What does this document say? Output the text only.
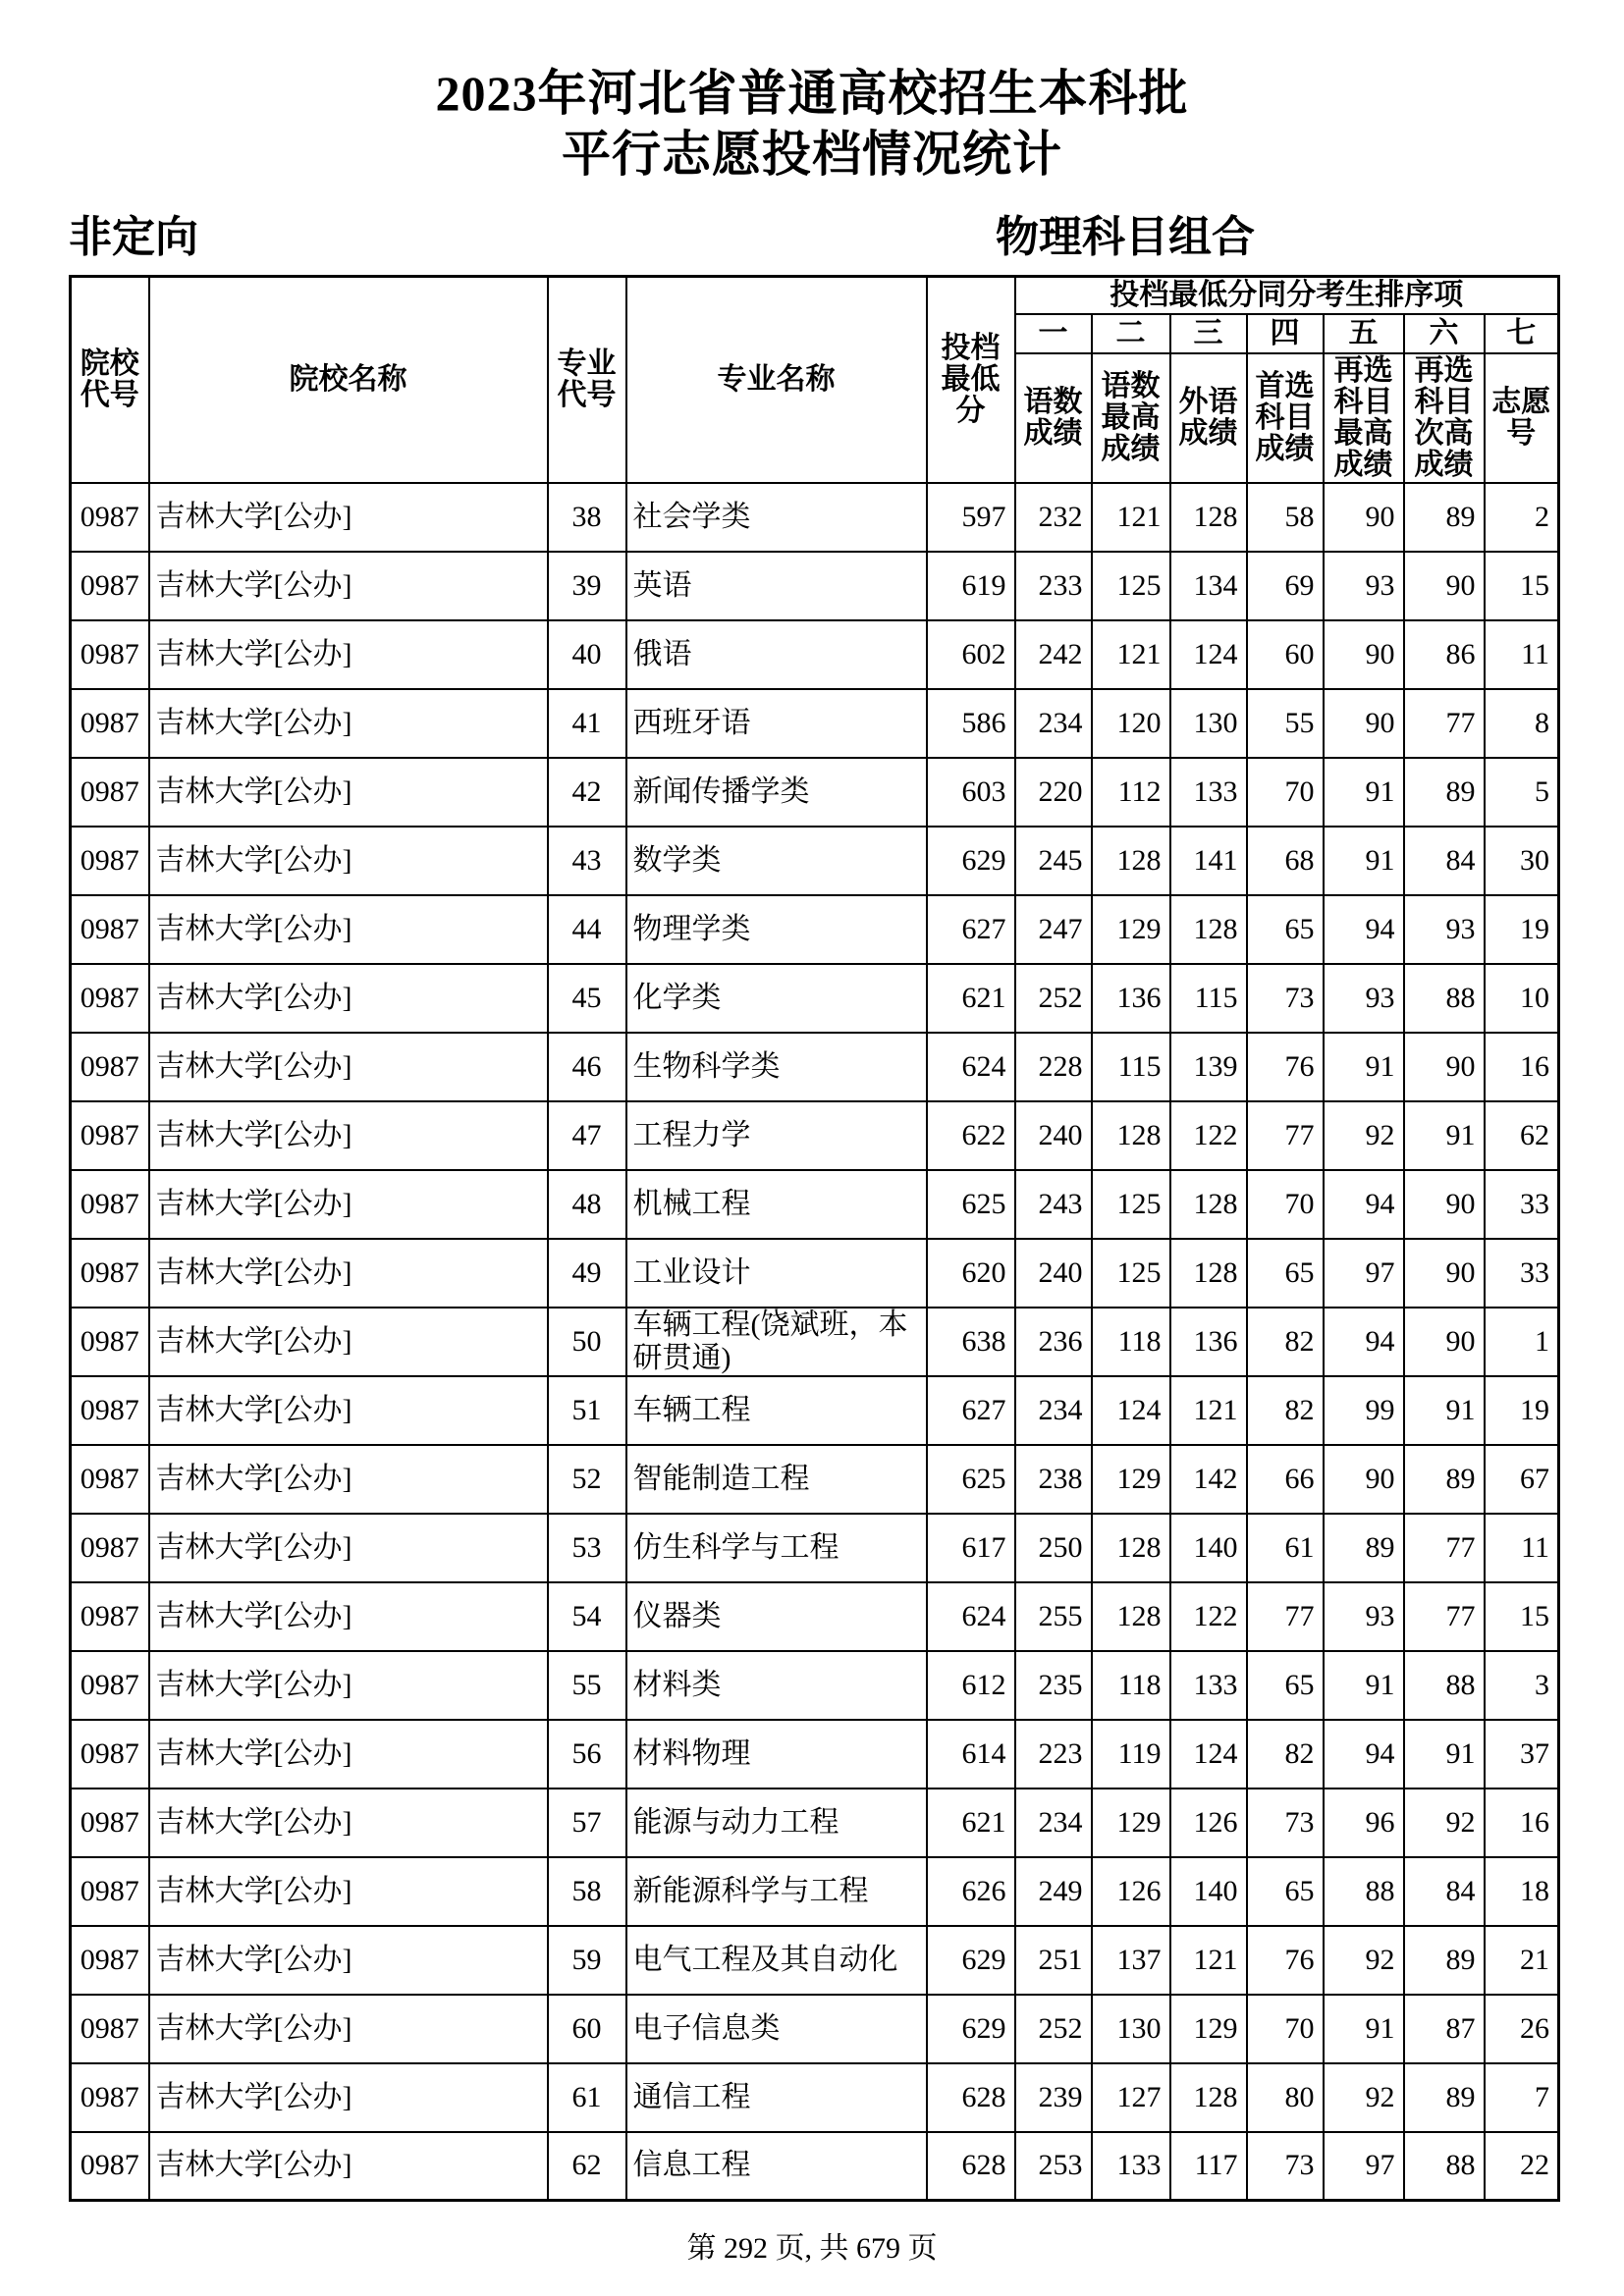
2023年河北省普通高校招生本科批
平行志愿投档情况统计
非定向	物理科目组合
院校代号	院校名称	专业代号	专业名称	投档最低分	投档最低分同分考生排序项						
					一	二	三	四	五	六	七
					语数成绩	语数最高成绩	外语成绩	首选科目成绩	再选科目最高成绩	再选科目次高成绩	志愿号
0987	吉林大学[公办]	38	社会学类	597	232	121	128	58	90	89	2
0987	吉林大学[公办]	39	英语	619	233	125	134	69	93	90	15
0987	吉林大学[公办]	40	俄语	602	242	121	124	60	90	86	11
0987	吉林大学[公办]	41	西班牙语	586	234	120	130	55	90	77	8
0987	吉林大学[公办]	42	新闻传播学类	603	220	112	133	70	91	89	5
0987	吉林大学[公办]	43	数学类	629	245	128	141	68	91	84	30
0987	吉林大学[公办]	44	物理学类	627	247	129	128	65	94	93	19
0987	吉林大学[公办]	45	化学类	621	252	136	115	73	93	88	10
0987	吉林大学[公办]	46	生物科学类	624	228	115	139	76	91	90	16
0987	吉林大学[公办]	47	工程力学	622	240	128	122	77	92	91	62
0987	吉林大学[公办]	48	机械工程	625	243	125	128	70	94	90	33
0987	吉林大学[公办]	49	工业设计	620	240	125	128	65	97	90	33
0987	吉林大学[公办]	50	车辆工程(饶斌班，本研贯通)	638	236	118	136	82	94	90	1
0987	吉林大学[公办]	51	车辆工程	627	234	124	121	82	99	91	19
0987	吉林大学[公办]	52	智能制造工程	625	238	129	142	66	90	89	67
0987	吉林大学[公办]	53	仿生科学与工程	617	250	128	140	61	89	77	11
0987	吉林大学[公办]	54	仪器类	624	255	128	122	77	93	77	15
0987	吉林大学[公办]	55	材料类	612	235	118	133	65	91	88	3
0987	吉林大学[公办]	56	材料物理	614	223	119	124	82	94	91	37
0987	吉林大学[公办]	57	能源与动力工程	621	234	129	126	73	96	92	16
0987	吉林大学[公办]	58	新能源科学与工程	626	249	126	140	65	88	84	18
0987	吉林大学[公办]	59	电气工程及其自动化	629	251	137	121	76	92	89	21
0987	吉林大学[公办]	60	电子信息类	629	252	130	129	70	91	87	26
0987	吉林大学[公办]	61	通信工程	628	239	127	128	80	92	89	7
0987	吉林大学[公办]	62	信息工程	628	253	133	117	73	97	88	22
第 292 页, 共 679 页
